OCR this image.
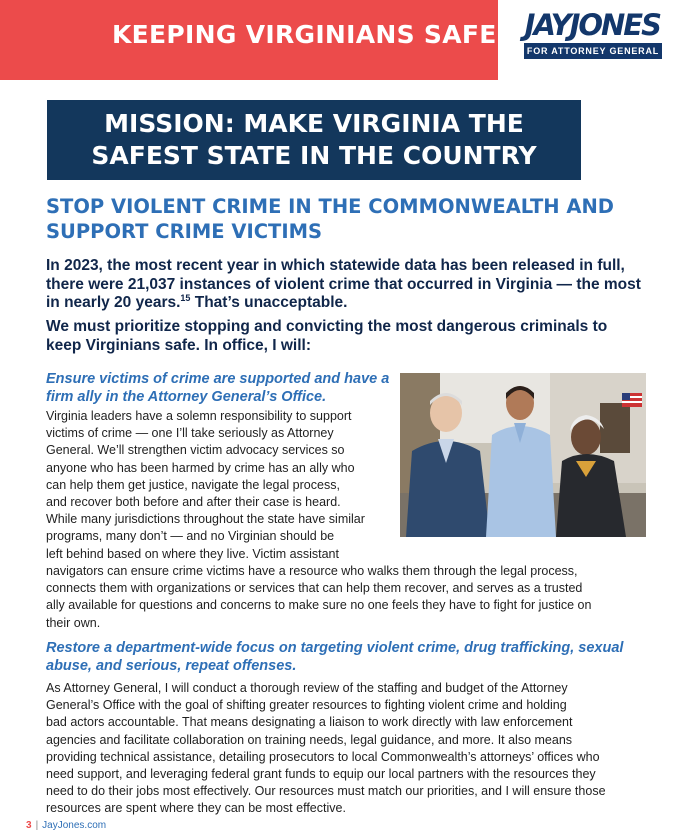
KEEPING VIRGINIANS SAFE JAYJONES
FOR ATTORNEY GENERAL
MISSION: MAKE VIRGINIA THE
SAFEST STATE IN THE COUNTRY
STOP VIOLENT CRIME IN THE COMMONWEALTH AND
SUPPORT CRIME VICTIMS
In 2023, the most recent year in which statewide data has been released in full, there were 21,037 instances of violent crime that occurred in Virginia — the most in nearly 20 years.$^{15}$ That’s unacceptable.
We must prioritize stopping and convicting the most dangerous criminals to keep Virginians safe. In office, I will:
Ensure victims of crime are supported and have a
firm ally in the Attorney General’s Office.
Virginia leaders have a solemn responsibility to support
victims of crime — one I’ll take seriously as Attorney
General. We’ll strengthen victim advocacy services so
anyone who has been harmed by crime has an ally who
can help them get justice, navigate the legal process,
and recover both before and after their case is heard.
While many jurisdictions throughout the state have similar
programs, many don’t — and no Virginian should be
left behind based on where they live. Victim assistant
navigators can ensure crime victims have a resource who walks them through the legal process,
connects them with organizations or services that can help them recover, and serves as a trusted
ally available for questions and concerns to make sure no one feels they have to fight for justice on
their own.
Restore a department-wide focus on targeting violent crime, drug trafficking, sexual
abuse, and serious, repeat offenses.
As Attorney General, I will conduct a thorough review of the staffing and budget of the Attorney
General’s Office with the goal of shifting greater resources to fighting violent crime and holding
bad actors accountable. That means designating a liaison to work directly with law enforcement
agencies and facilitate collaboration on training needs, legal guidance, and more. It also means
providing technical assistance, detailing prosecutors to local Commonwealth’s attorneys’ offices who
need support, and leveraging federal grant funds to equip our local partners with the resources they
need to do their jobs most effectively. Our resources must match our priorities, and I will ensure those
resources are spent where they can be most effective.
3 | JayJones.com
